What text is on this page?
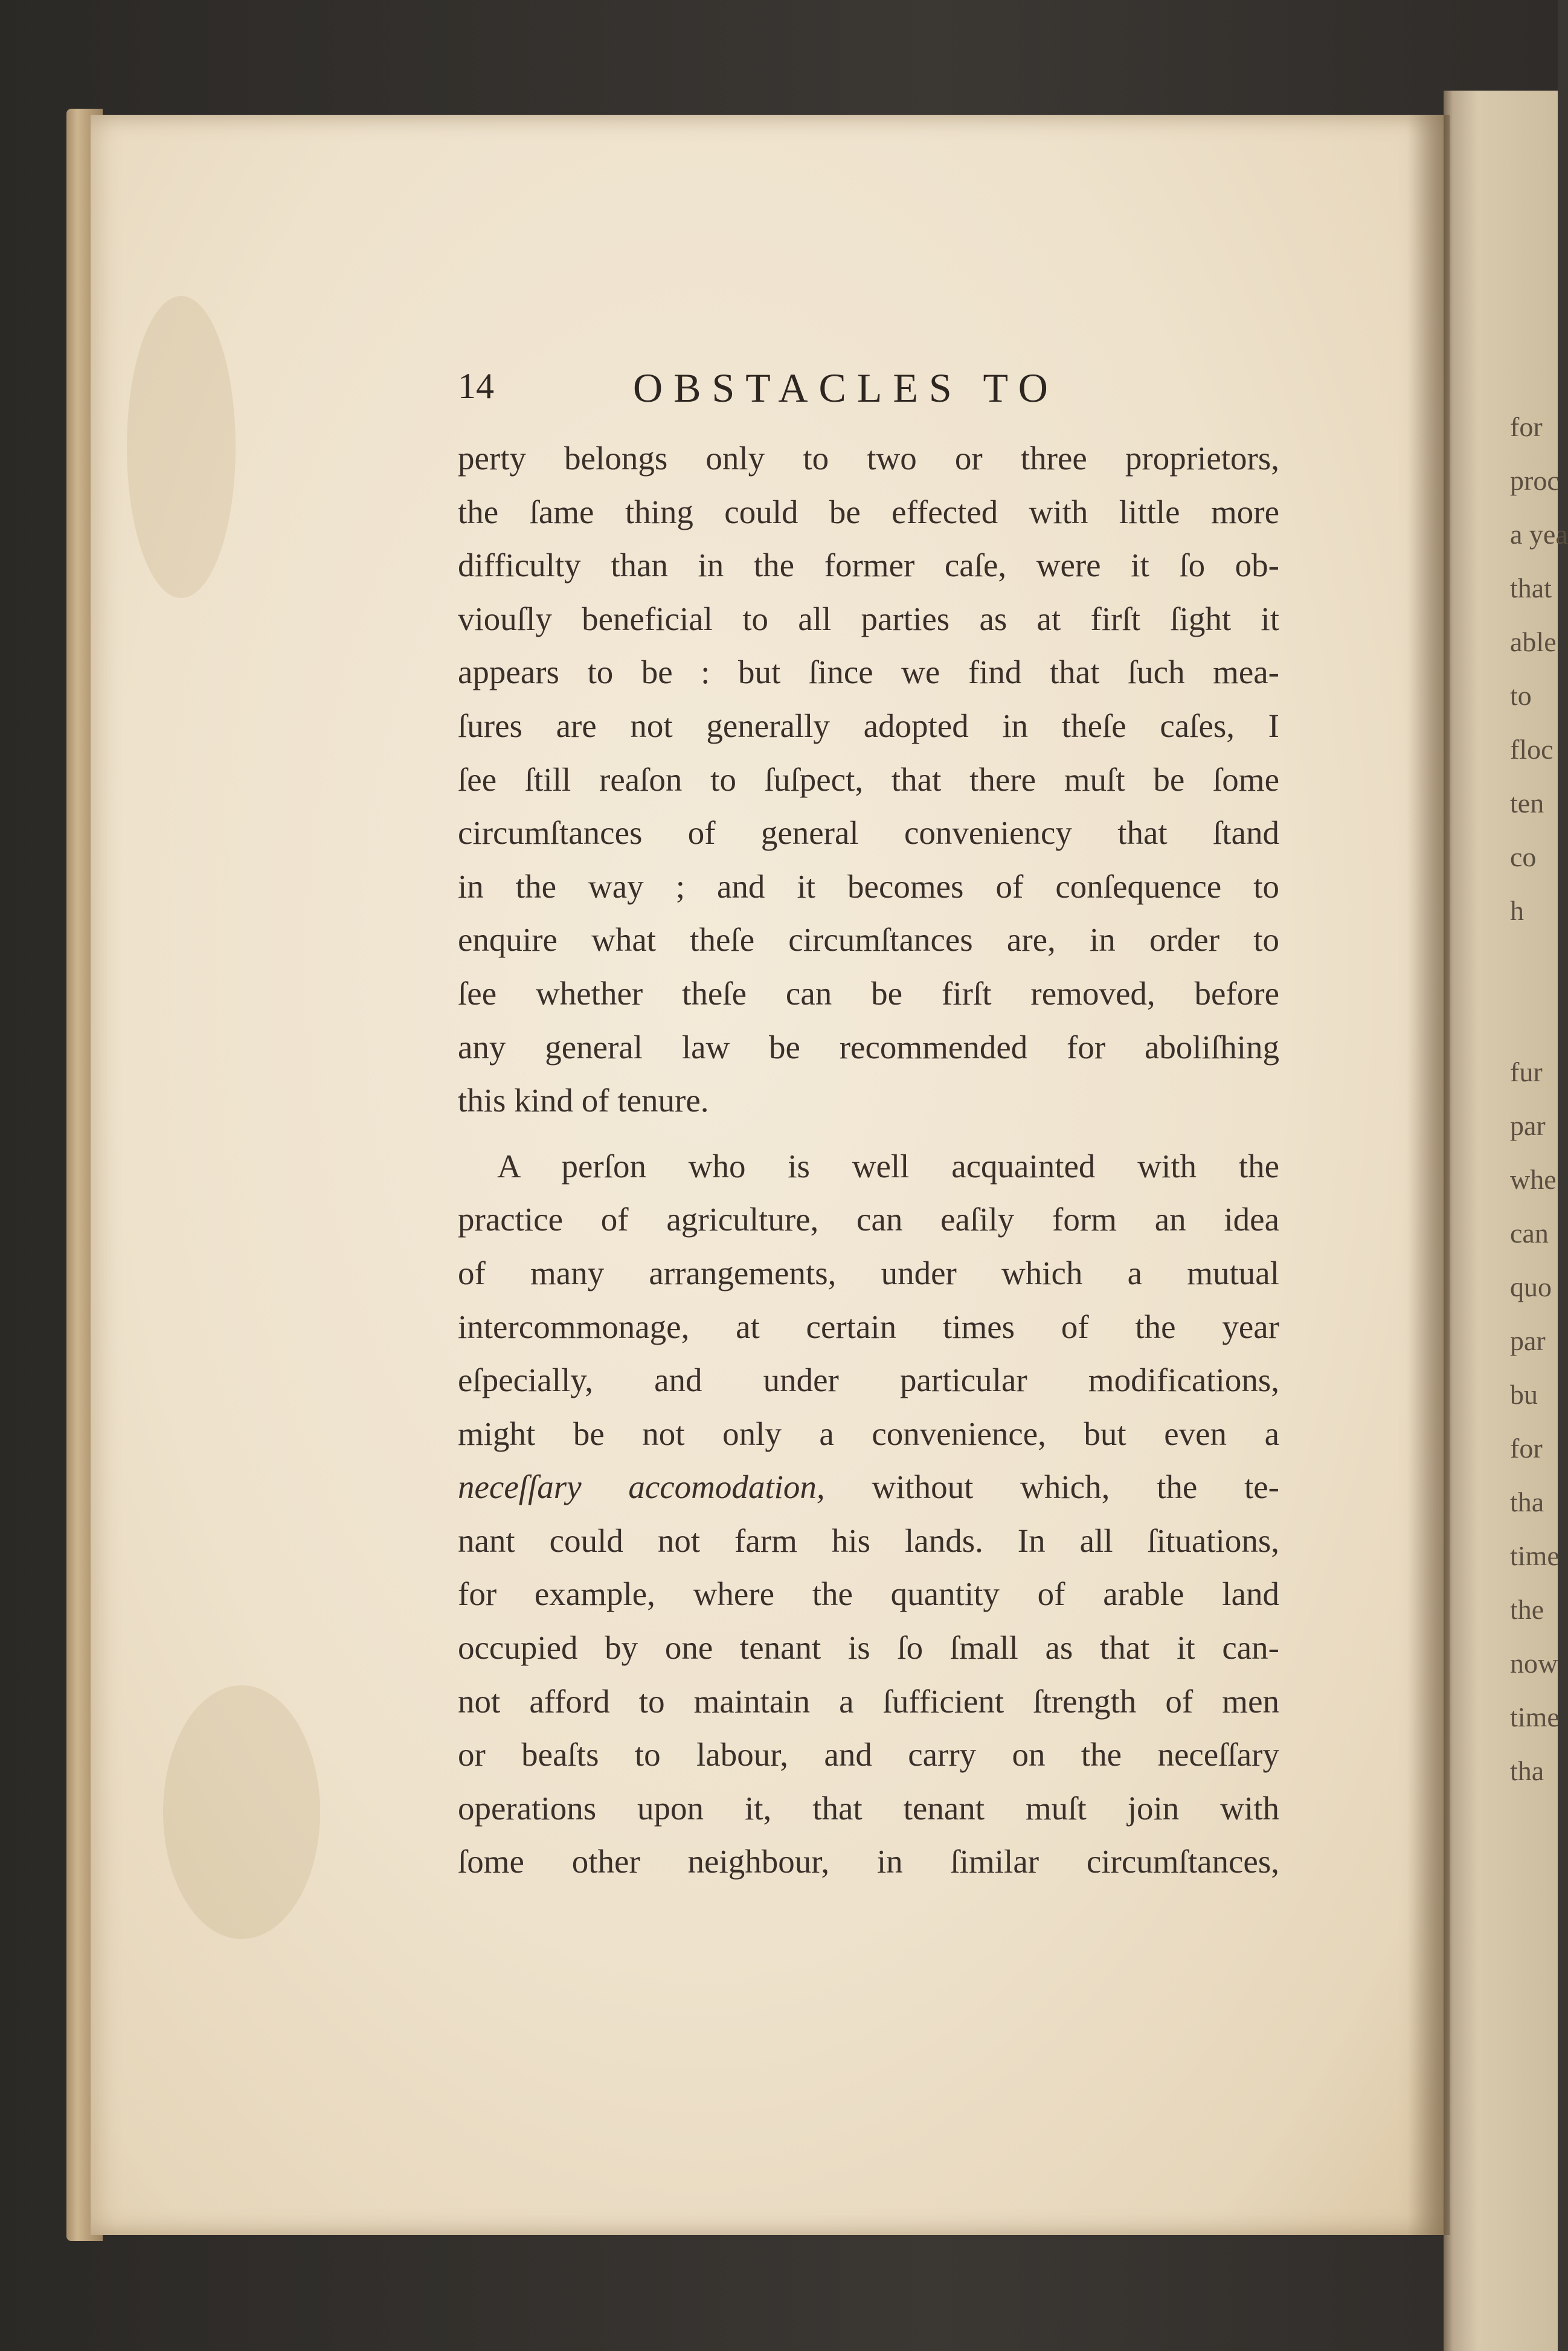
for
proc
a yea
that
able
to
floc
ten
co
h
fur
par
whe
can
quo
par
bu
for
tha
time
the
now
time
tha
14	OBSTACLES TO
perty belongs only to two or three proprietors,
the ſame thing could be effected with little more
difficulty than in the former caſe, were it ſo ob-
viouſly beneficial to all parties as at firſt ſight it
appears to be : but ſince we find that ſuch mea-
ſures are not generally adopted in theſe caſes, I
ſee ſtill reaſon to ſuſpect, that there muſt be ſome
circumſtances of general conveniency that ſtand
in the way ; and it becomes of conſequence to
enquire what theſe circumſtances are, in order to
ſee whether theſe can be firſt removed, before
any general law be recommended for aboliſhing
this kind of tenure.
A perſon who is well acquainted with the
practice of agriculture, can eaſily form an idea
of many arrangements, under which a mutual
intercommonage, at certain times of the year
eſpecially, and under particular modifications,
might be not only a convenience, but even a
neceſſary accomodation, without which, the te-
nant could not farm his lands. In all ſituations,
for example, where the quantity of arable land
occupied by one tenant is ſo ſmall as that it can-
not afford to maintain a ſufficient ſtrength of men
or beaſts to labour, and carry on the neceſſary
operations upon it, that tenant muſt join with
ſome other neighbour, in ſimilar circumſtances,
